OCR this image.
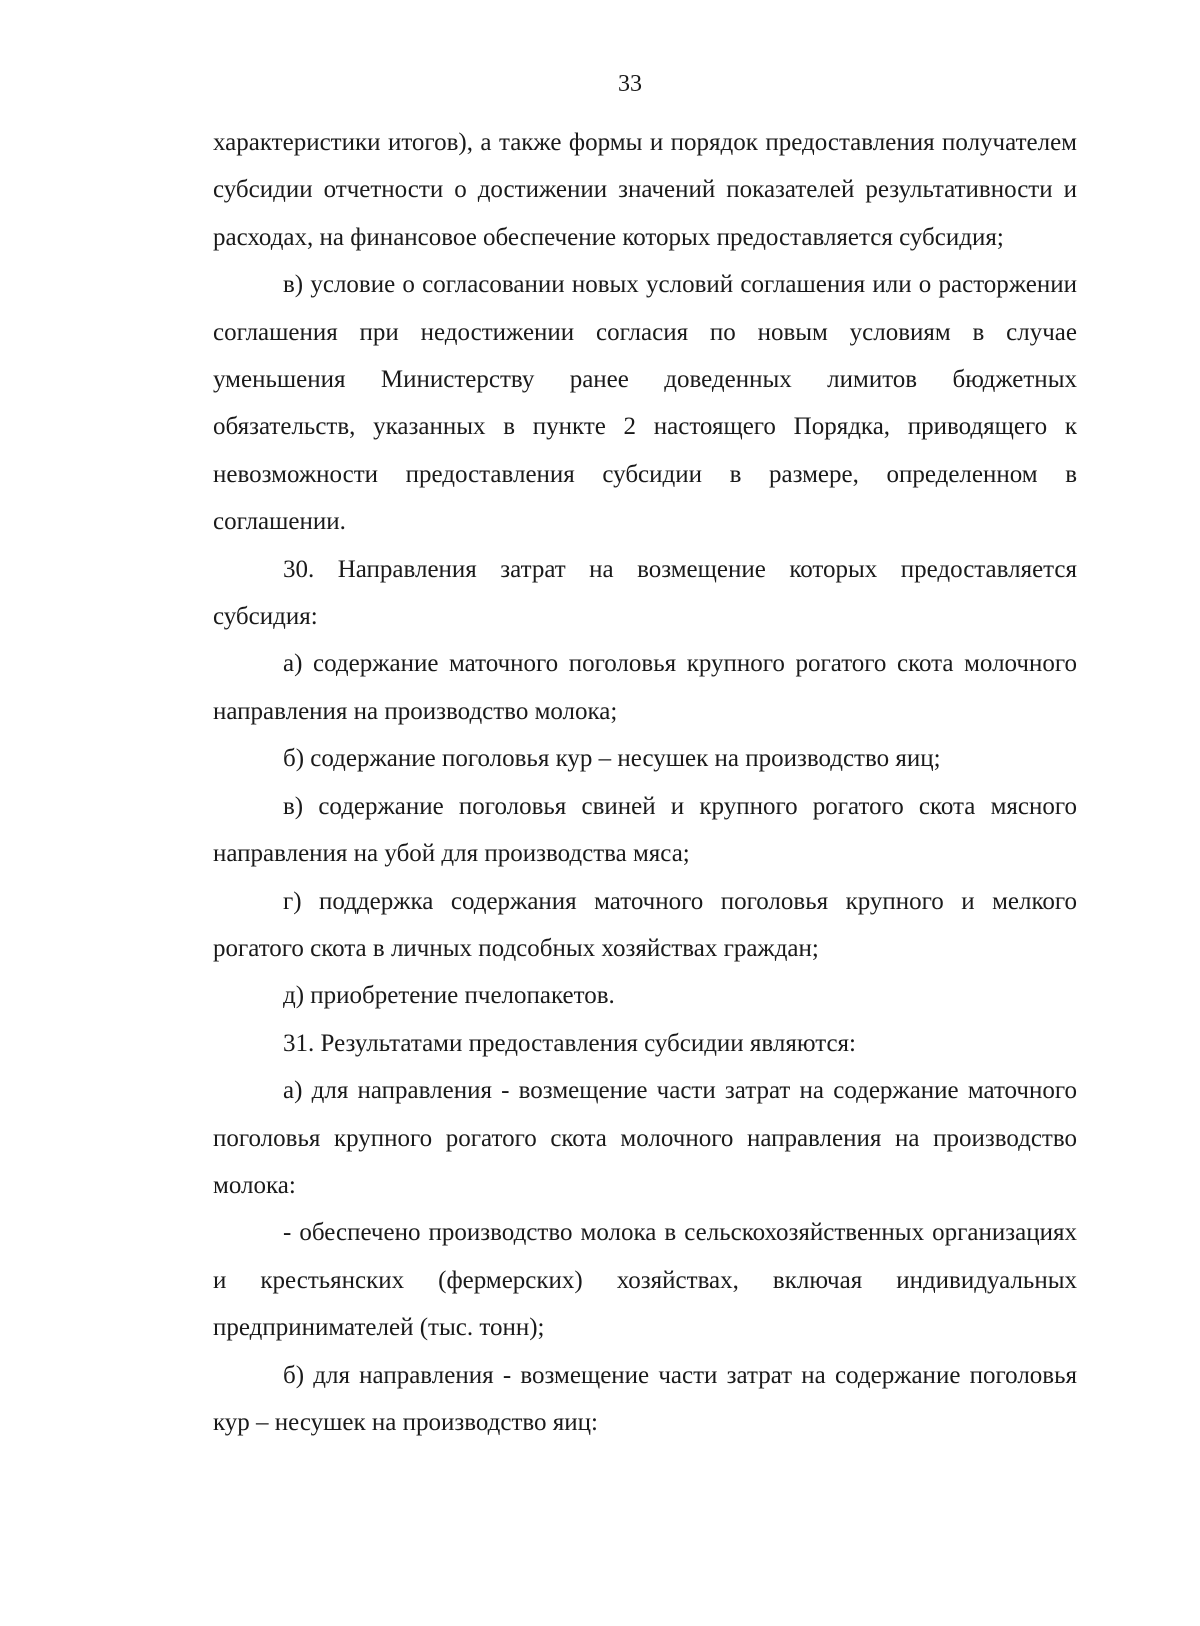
33

характеристики итогов), а также формы и порядок предоставления получателем субсидии отчетности о достижении значений показателей результативности и расходах, на финансовое обеспечение которых предоставляется субсидия;

в) условие о согласовании новых условий соглашения или о расторжении соглашения при недостижении согласия по новым условиям в случае уменьшения Министерству ранее доведенных лимитов бюджетных обязательств, указанных в пункте 2 настоящего Порядка, приводящего к невозможности предоставления субсидии в размере, определенном в соглашении.

30. Направления затрат на возмещение которых предоставляется субсидия:

а) содержание маточного поголовья крупного рогатого скота молочного направления на производство молока;

б) содержание поголовья кур – несушек на производство яиц;

в) содержание поголовья свиней и крупного рогатого скота мясного направления на убой для производства мяса;

г) поддержка содержания маточного поголовья крупного и мелкого рогатого скота в личных подсобных хозяйствах граждан;

д) приобретение пчелопакетов.

31. Результатами предоставления субсидии являются:

а) для направления - возмещение части затрат на содержание маточного поголовья крупного рогатого скота молочного направления на производство молока:

- обеспечено производство молока в сельскохозяйственных организациях и крестьянских (фермерских) хозяйствах, включая индивидуальных предпринимателей (тыс. тонн);

б) для направления - возмещение части затрат на содержание поголовья кур – несушек на производство яиц:
